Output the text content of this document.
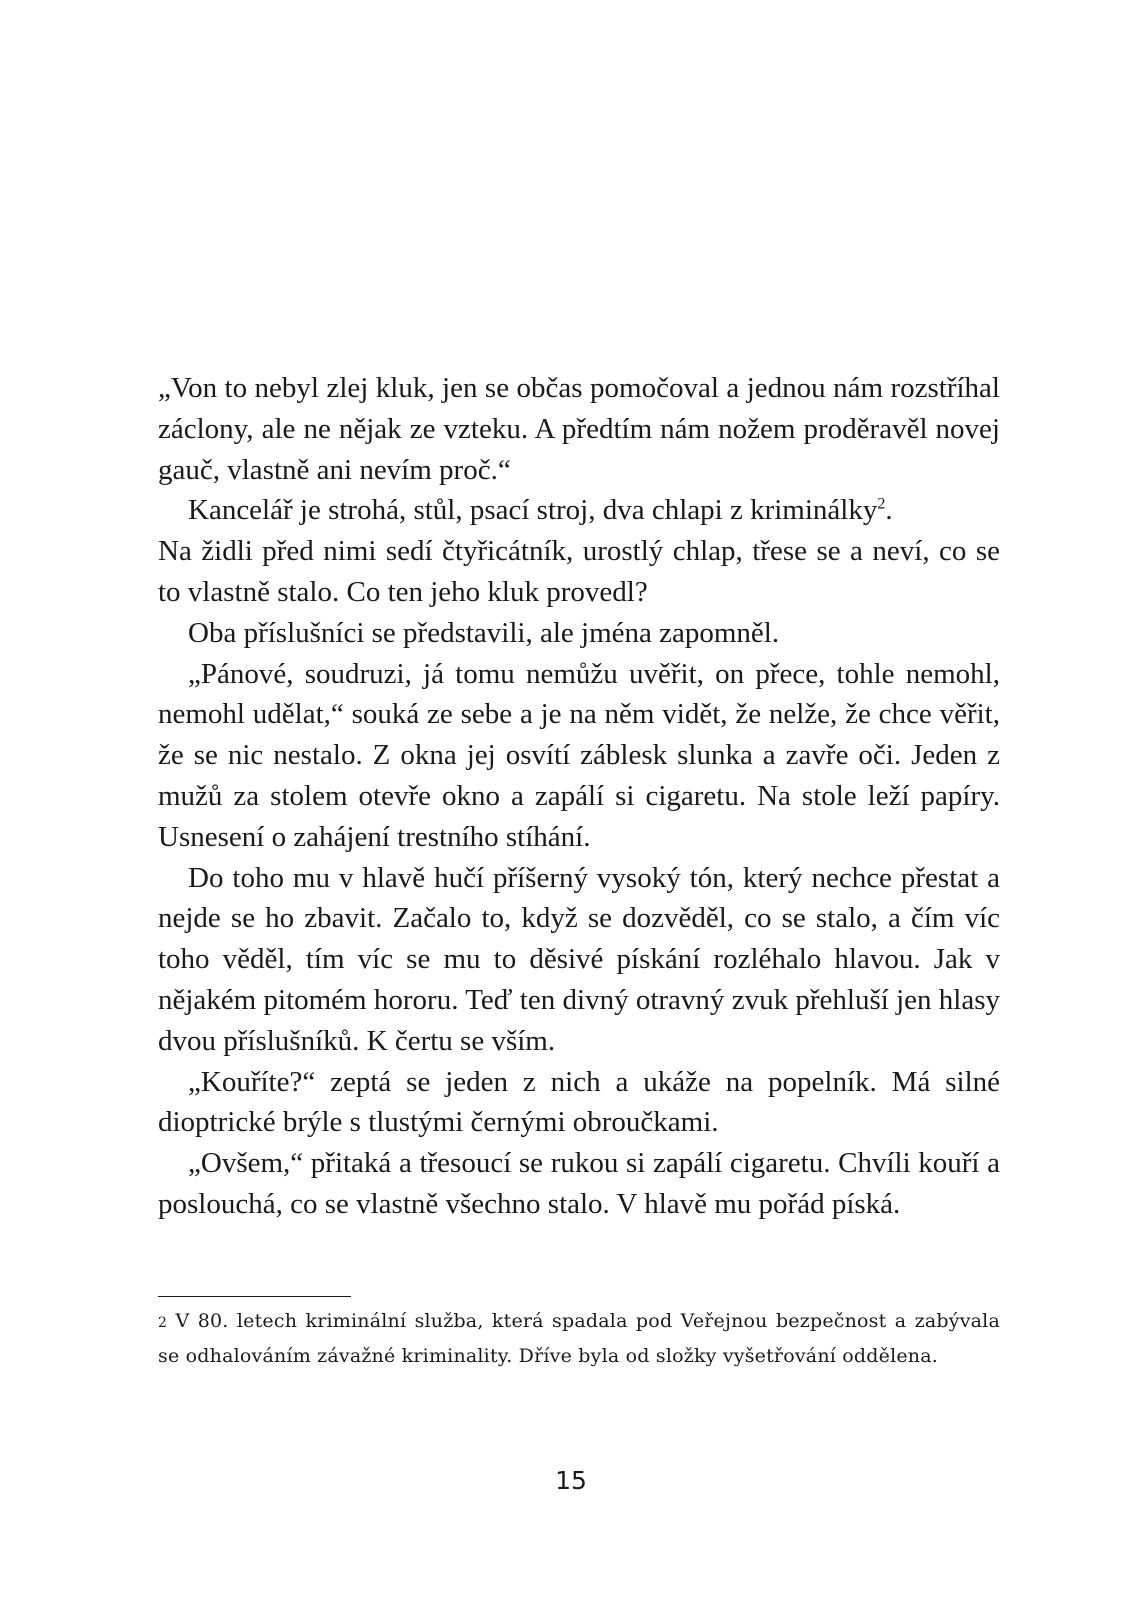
„Von to nebyl zlej kluk, jen se občas pomočoval a jednou nám rozstříhal záclony, ale ne nějak ze vzteku. A předtím nám nožem proděravěl novej gauč, vlastně ani nevím proč.“

Kancelář je strohá, stůl, psací stroj, dva chlapi z kriminálky$^2$.
Na židli před nimi sedí čtyřicátník, urostlý chlap, třese se a neví, co se to vlastně stalo. Co ten jeho kluk provedl?

Oba příslušníci se představili, ale jména zapomněl.

„Pánové, soudruzi, já tomu nemůžu uvěřit, on přece, tohle nemohl, nemohl udělat,“ souká ze sebe a je na něm vidět, že nelže, že chce věřit, že se nic nestalo. Z okna jej osvítí záblesk slunka a zavře oči. Jeden z mužů za stolem otevře okno a zapálí si cigaretu. Na stole leží papíry. Usnesení o zahájení trestního stíhání.

Do toho mu v hlavě hučí příšerný vysoký tón, který nechce přestat a nejde se ho zbavit. Začalo to, když se dozvěděl, co se stalo, a čím víc toho věděl, tím víc se mu to děsivé pískání rozléhalo hlavou. Jak v nějakém pitomém hororu. Teď ten divný otravný zvuk přehluší jen hlasy dvou příslušníků. K čertu se vším.

„Kouříte?“ zeptá se jeden z nich a ukáže na popelník. Má silné dioptrické brýle s tlustými černými obroučkami.

„Ovšem,“ přitaká a třesoucí se rukou si zapálí cigaretu. Chvíli kouří a poslouchá, co se vlastně všechno stalo. V hlavě mu pořád píská.

2 V 80. letech kriminální služba, která spadala pod Veřejnou bezpečnost a zabývala se odhalováním závažné kriminality. Dříve byla od složky vyšetřování oddělena.
15
